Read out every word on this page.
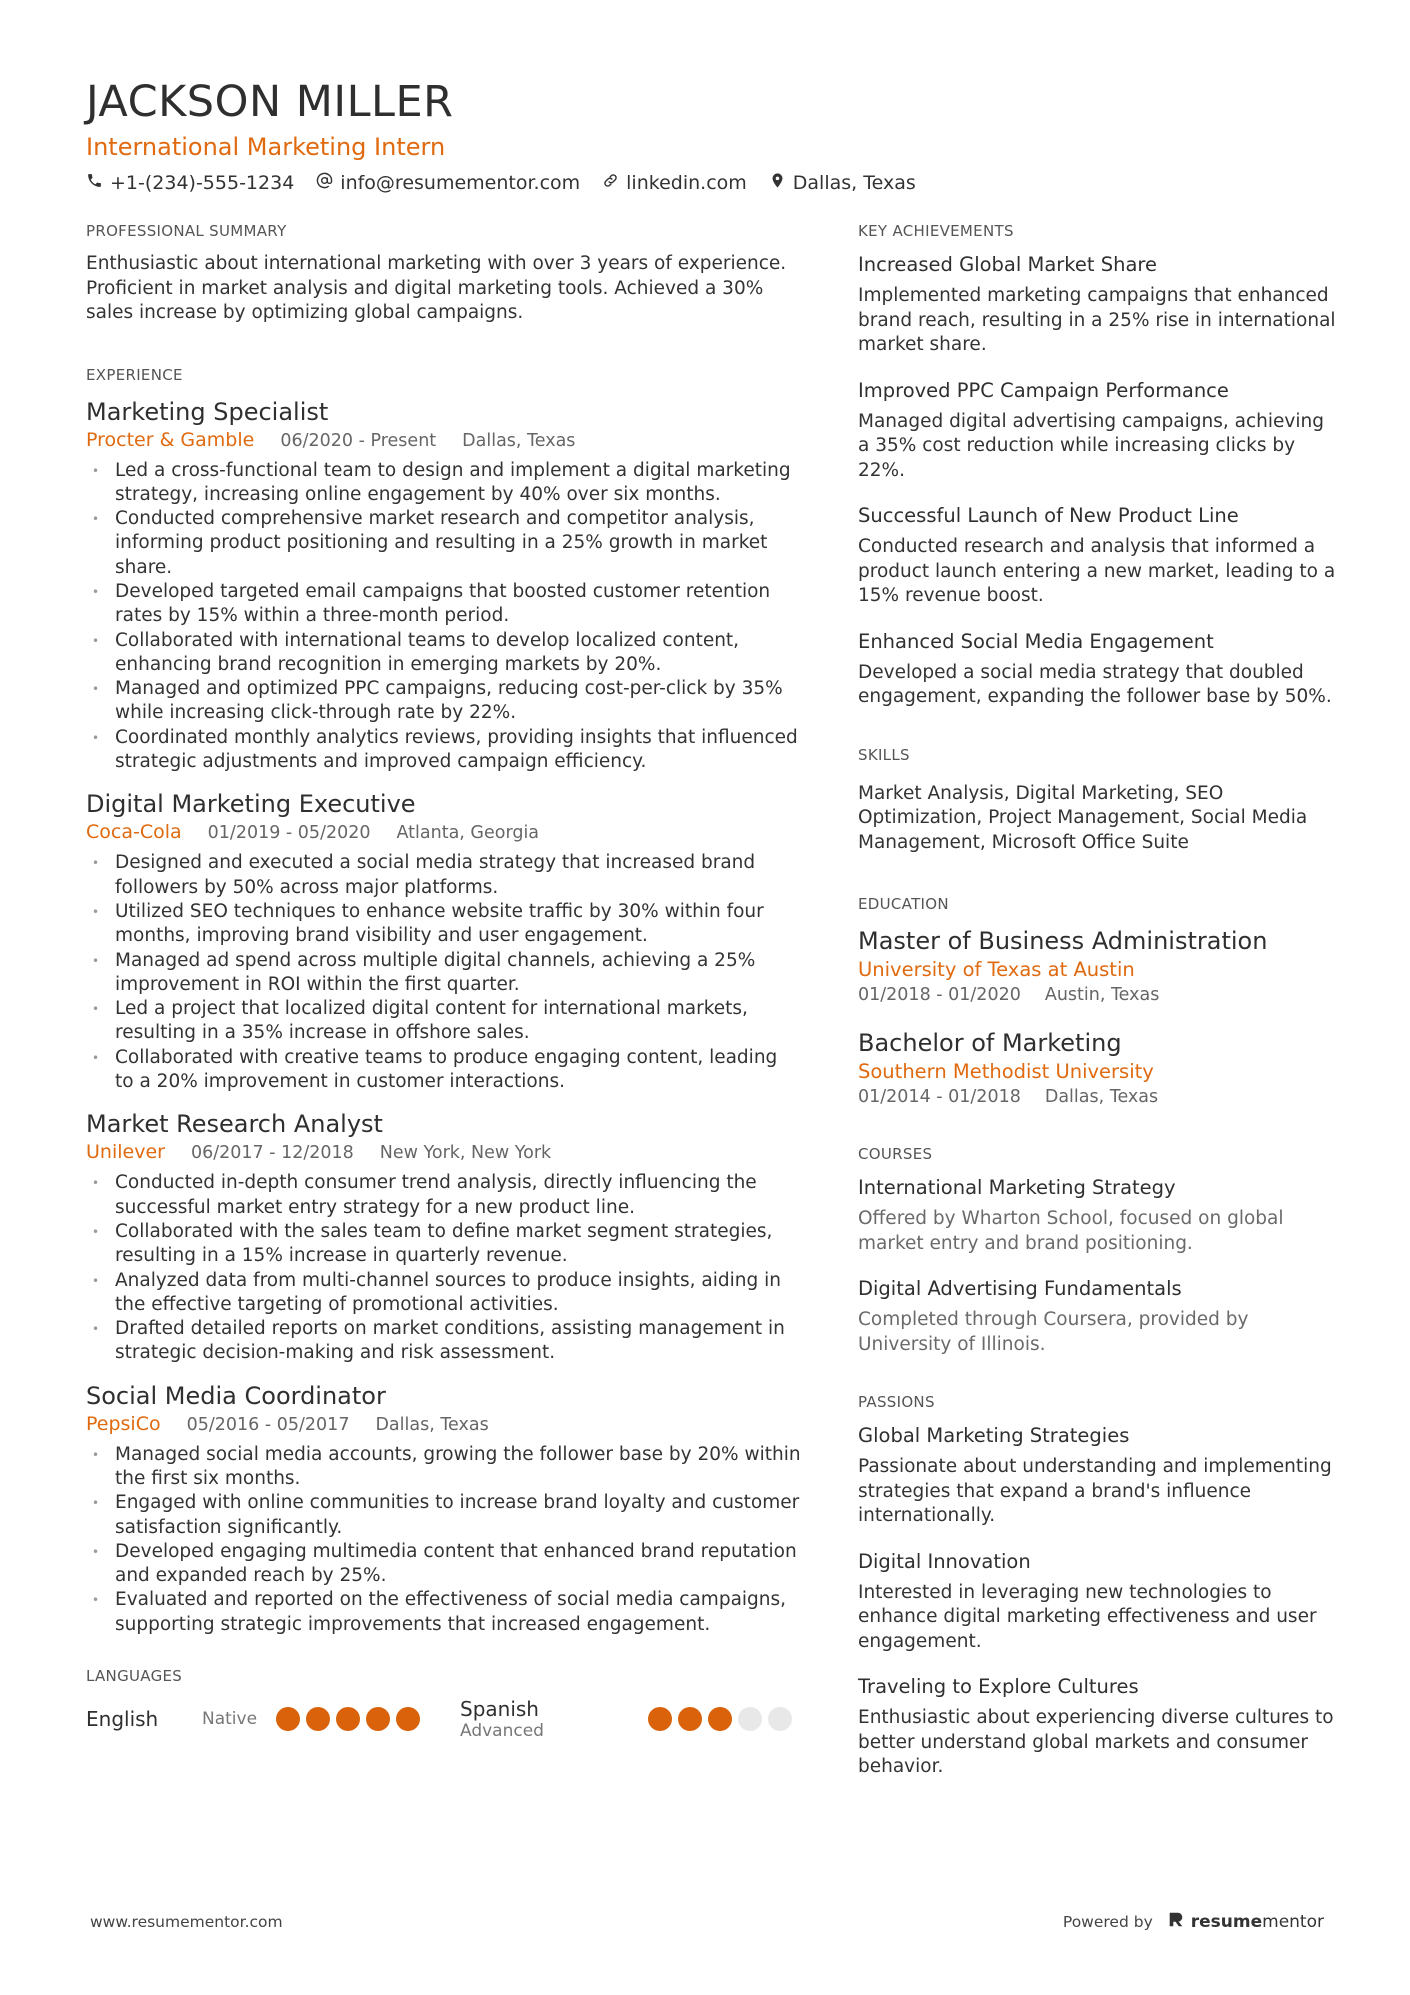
JACKSON MILLER
International Marketing Intern
+1-(234)-555-1234 info@resumementor.com linkedin.com Dallas, Texas
PROFESSIONAL SUMMARY

Enthusiastic about international marketing with over 3 years of experience. Proficient in market analysis and digital marketing tools. Achieved a 30% sales increase by optimizing global campaigns.

EXPERIENCE
Marketing Specialist
Procter & Gamble 06/2020 - Present Dallas, Texas
• Led a cross-functional team to design and implement a digital marketing strategy, increasing online engagement by 40% over six months.
• Conducted comprehensive market research and competitor analysis, informing product positioning and resulting in a 25% growth in market share.
• Developed targeted email campaigns that boosted customer retention rates by 15% within a three-month period.
• Collaborated with international teams to develop localized content, enhancing brand recognition in emerging markets by 20%.
• Managed and optimized PPC campaigns, reducing cost-per-click by 35% while increasing click-through rate by 22%.
• Coordinated monthly analytics reviews, providing insights that influenced strategic adjustments and improved campaign efficiency.
Digital Marketing Executive
Coca-Cola 01/2019 - 05/2020 Atlanta, Georgia
• Designed and executed a social media strategy that increased brand followers by 50% across major platforms.
• Utilized SEO techniques to enhance website traffic by 30% within four months, improving brand visibility and user engagement.
• Managed ad spend across multiple digital channels, achieving a 25% improvement in ROI within the first quarter.
• Led a project that localized digital content for international markets, resulting in a 35% increase in offshore sales.
• Collaborated with creative teams to produce engaging content, leading to a 20% improvement in customer interactions.
Market Research Analyst
Unilever 06/2017 - 12/2018 New York, New York
• Conducted in-depth consumer trend analysis, directly influencing the successful market entry strategy for a new product line.
• Collaborated with the sales team to define market segment strategies, resulting in a 15% increase in quarterly revenue.
• Analyzed data from multi-channel sources to produce insights, aiding in the effective targeting of promotional activities.
• Drafted detailed reports on market conditions, assisting management in strategic decision-making and risk assessment.
Social Media Coordinator
PepsiCo 05/2016 - 05/2017 Dallas, Texas
• Managed social media accounts, growing the follower base by 20% within the first six months.
• Engaged with online communities to increase brand loyalty and customer satisfaction significantly.
• Developed engaging multimedia content that enhanced brand reputation and expanded reach by 25%.
• Evaluated and reported on the effectiveness of social media campaigns, supporting strategic improvements that increased engagement.
LANGUAGES
English	Native	Spanish
Advanced
KEY ACHIEVEMENTS
Increased Global Market Share

Implemented marketing campaigns that enhanced brand reach, resulting in a 25% rise in international market share.

Improved PPC Campaign Performance

Managed digital advertising campaigns, achieving a 35% cost reduction while increasing clicks by 22%.

Successful Launch of New Product Line

Conducted research and analysis that informed a product launch entering a new market, leading to a 15% revenue boost.

Enhanced Social Media Engagement

Developed a social media strategy that doubled engagement, expanding the follower base by 50%.

SKILLS

Market Analysis, Digital Marketing, SEO Optimization, Project Management, Social Media Management, Microsoft Office Suite

EDUCATION
Master of Business Administration
University of Texas at Austin
01/2018 - 01/2020 Austin, Texas
Bachelor of Marketing
Southern Methodist University
01/2014 - 01/2018 Dallas, Texas
COURSES
International Marketing Strategy

Offered by Wharton School, focused on global market entry and brand positioning.

Digital Advertising Fundamentals

Completed through Coursera, provided by University of Illinois.

PASSIONS
Global Marketing Strategies

Passionate about understanding and implementing strategies that expand a brand's influence internationally.

Digital Innovation

Interested in leveraging new technologies to enhance digital marketing effectiveness and user engagement.

Traveling to Explore Cultures

Enthusiastic about experiencing diverse cultures to better understand global markets and consumer behavior.

www.resumementor.com	Powered by resume mentor
